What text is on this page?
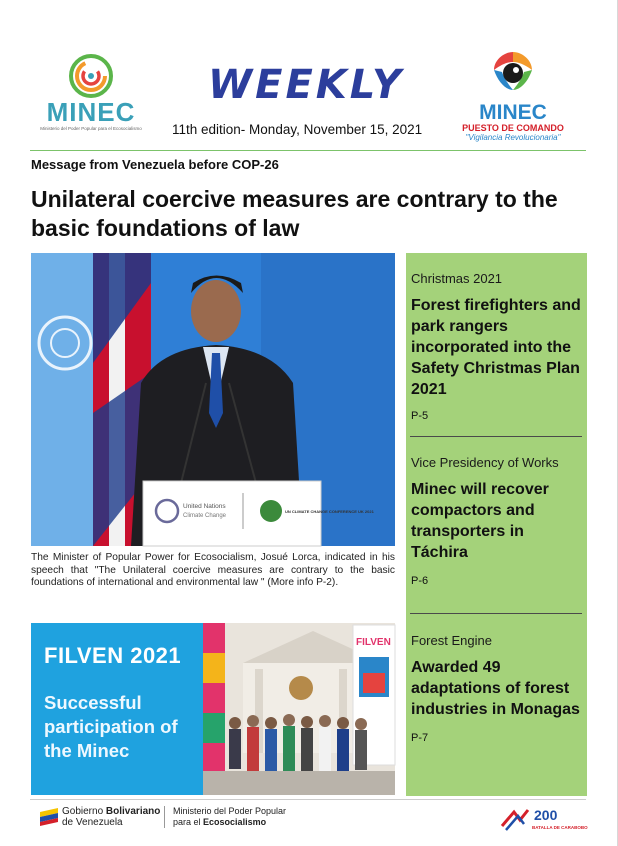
MINEC
Ministerio del Poder Popular para el Ecosocialismo
WEEKLY
11th edition- Monday, November 15, 2021
MINEC
PUESTO DE COMANDO
"Vigilancia Revolucionaria"
Message from Venezuela before COP-26
Unilateral coercive measures are contrary to the basic foundations of law
United Nations
Climate Change
UN CLIMATE CHANGE CONFERENCE UK 2021
The Minister of Popular Power for Ecosocialism, Josué Lorca, indicated in his speech that "The Unilateral coercive measures are contrary to the basic foundations of international and environmental law " (More info P-2).
FILVEN 2021
Successful participation of the Minec
FILVEN
Christmas 2021
Forest firefighters and park rangers incorporated into the Safety Christmas Plan 2021
P-5
Vice Presidency of Works
Minec will recover compactors and transporters in Táchira
P-6
Forest Engine
Awarded 49 adaptations of forest industries in Monagas
P-7
Gobierno Bolivariano
de Venezuela
Ministerio del Poder Popular
para el Ecosocialismo	200
BATALLA DE CARABOBO
